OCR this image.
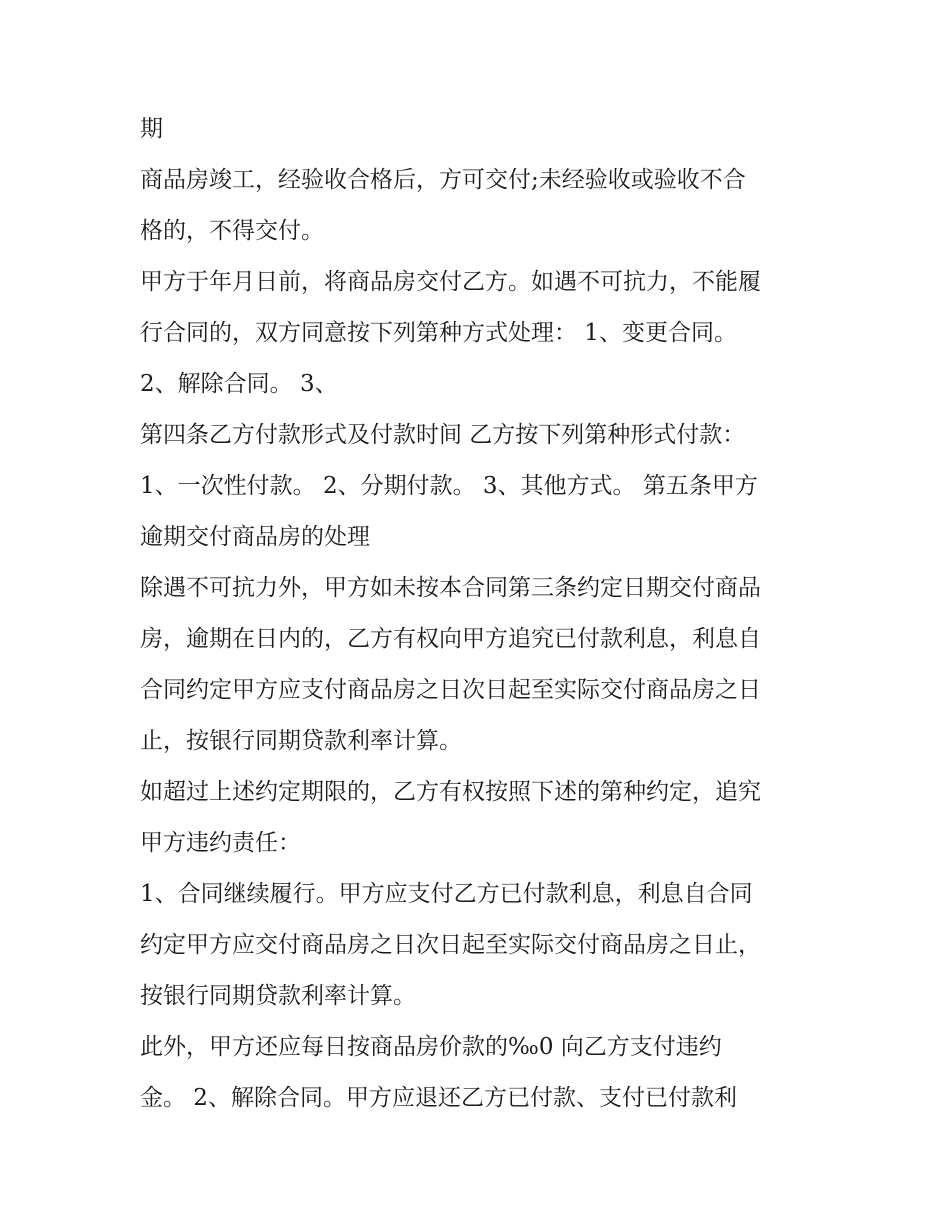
期
商品房竣工，经验收合格后，方可交付;未经验收或验收不合
格的，不得交付。
甲方于年月日前，将商品房交付乙方。如遇不可抗力，不能履
行合同的，双方同意按下列第种方式处理： 1、变更合同。
2、解除合同。 3、
第四条乙方付款形式及付款时间 乙方按下列第种形式付款：
1、一次性付款。 2、分期付款。 3、其他方式。 第五条甲方
逾期交付商品房的处理
除遇不可抗力外，甲方如未按本合同第三条约定日期交付商品
房，逾期在日内的，乙方有权向甲方追究已付款利息，利息自
合同约定甲方应支付商品房之日次日起至实际交付商品房之日
止，按银行同期贷款利率计算。
如超过上述约定期限的，乙方有权按照下述的第种约定，追究
甲方违约责任：
1、合同继续履行。甲方应支付乙方已付款利息，利息自合同
约定甲方应交付商品房之日次日起至实际交付商品房之日止，
按银行同期贷款利率计算。
此外，甲方还应每日按商品房价款的‰0 向乙方支付违约
金。 2、解除合同。甲方应退还乙方已付款、支付已付款利
